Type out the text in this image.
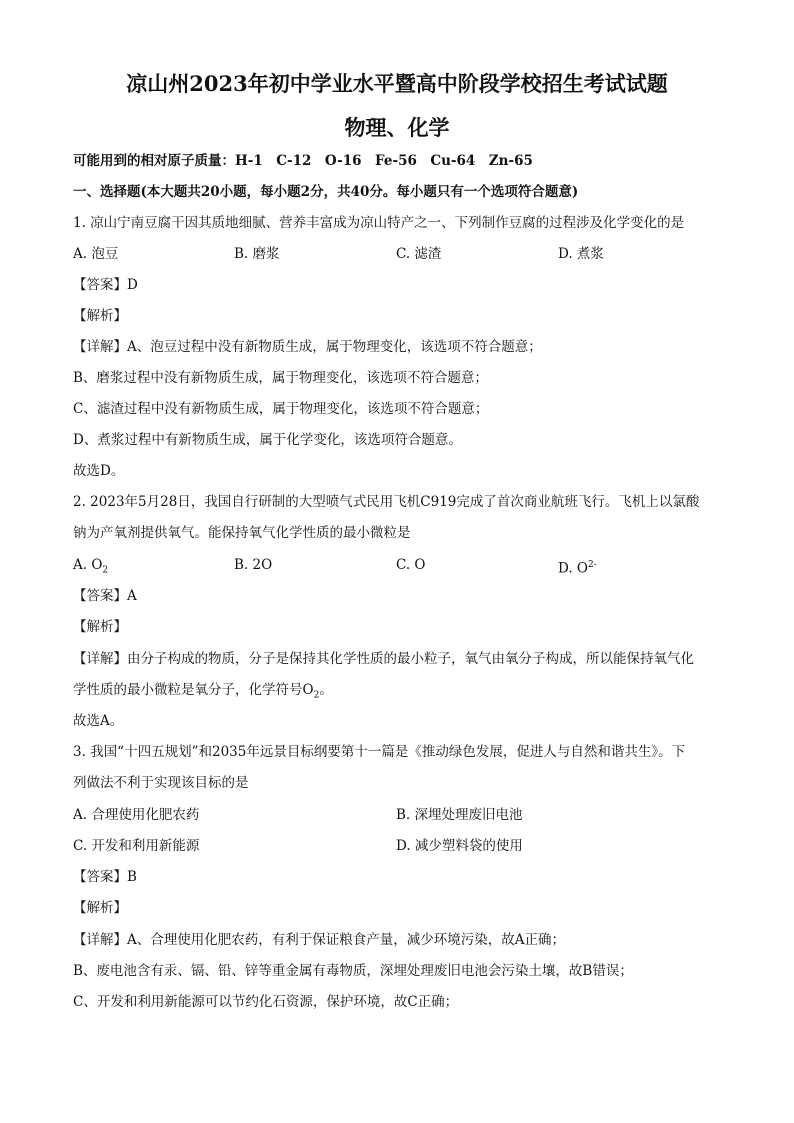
凉山州2023年初中学业水平暨高中阶段学校招生考试试题
物理、化学
可能用到的相对原子质量：H-1　C-12　O-16　Fe-56　Cu-64　Zn-65
一、选择题(本大题共20小题，每小题2分，共40分。每小题只有一个选项符合题意)
1. 凉山宁南豆腐干因其质地细腻、营养丰富成为凉山特产之一、下列制作豆腐的过程涉及化学变化的是
A. 泡豆	B. 磨浆	C. 滤渣	D. 煮浆
【答案】D
【解析】
【详解】A、泡豆过程中没有新物质生成，属于物理变化，该选项不符合题意；
B、磨浆过程中没有新物质生成，属于物理变化，该选项不符合题意；
C、滤渣过程中没有新物质生成，属于物理变化，该选项不符合题意；
D、煮浆过程中有新物质生成，属于化学变化，该选项符合题意。
故选D。
2. 2023年5月28日，我国自行研制的大型喷气式民用飞机C919完成了首次商业航班飞行。飞机上以氯酸
钠为产氧剂提供氧气。能保持氧气化学性质的最小微粒是
A. $O_2$	B. 2O	C. O	D. $O^{2-}$
【答案】A
【解析】
【详解】由分子构成的物质，分子是保持其化学性质的最小粒子，氧气由氧分子构成，所以能保持氧气化
学性质的最小微粒是氧分子，化学符号$O_2$。
故选A。
3. 我国“十四五规划”和2035年远景目标纲要第十一篇是《推动绿色发展，促进人与自然和谐共生》。下
列做法不利于实现该目标的是
A. 合理使用化肥农药	B. 深埋处理废旧电池
C. 开发和利用新能源	D. 减少塑料袋的使用
【答案】B
【解析】
【详解】A、合理使用化肥农药，有利于保证粮食产量，减少环境污染，故A正确；
B、废电池含有汞、镉、铅、锌等重金属有毒物质，深埋处理废旧电池会污染土壤，故B错误；
C、开发和利用新能源可以节约化石资源，保护环境，故C正确；
